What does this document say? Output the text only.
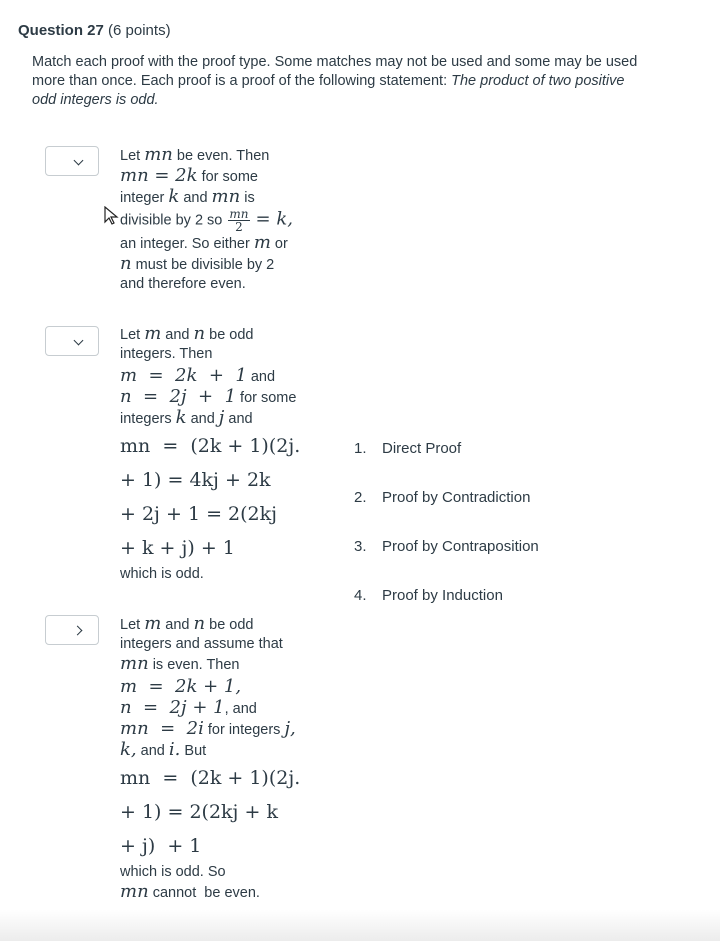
Question 27 (6 points)
Match each proof with the proof type. Some matches may not be used and some may be used more than once. Each proof is a proof of the following statement: The product of two positive odd integers is odd.
Let mn be even. Then
mn = 2k for some
integer k and mn is
divisible by 2 so $\frac{mn}{2} = k$,
an integer. So either m or
n must be divisible by 2
and therefore even.
Let m and n be odd
integers. Then
m  =  2k  +  1 and
n  =  2j  +  1 for some
integers k and j and
mn  =  (2k + 1)(2j.
+ 1) = 4kj + 2k
+ 2j + 1 = 2(2kj
+ k + j) + 1
which is odd.
Let m and n be odd
integers and assume that
mn is even. Then
m  =  2k + 1,
n  =  2j + 1, and
mn  =  2i for integers j,
k, and i. But
mn  =  (2k + 1)(2j.
+ 1) = 2(2kj + k
+ j)  + 1
which is odd. So
mn cannot  be even.
1. Direct Proof
2. Proof by Contradiction
3. Proof by Contraposition
4. Proof by Induction
